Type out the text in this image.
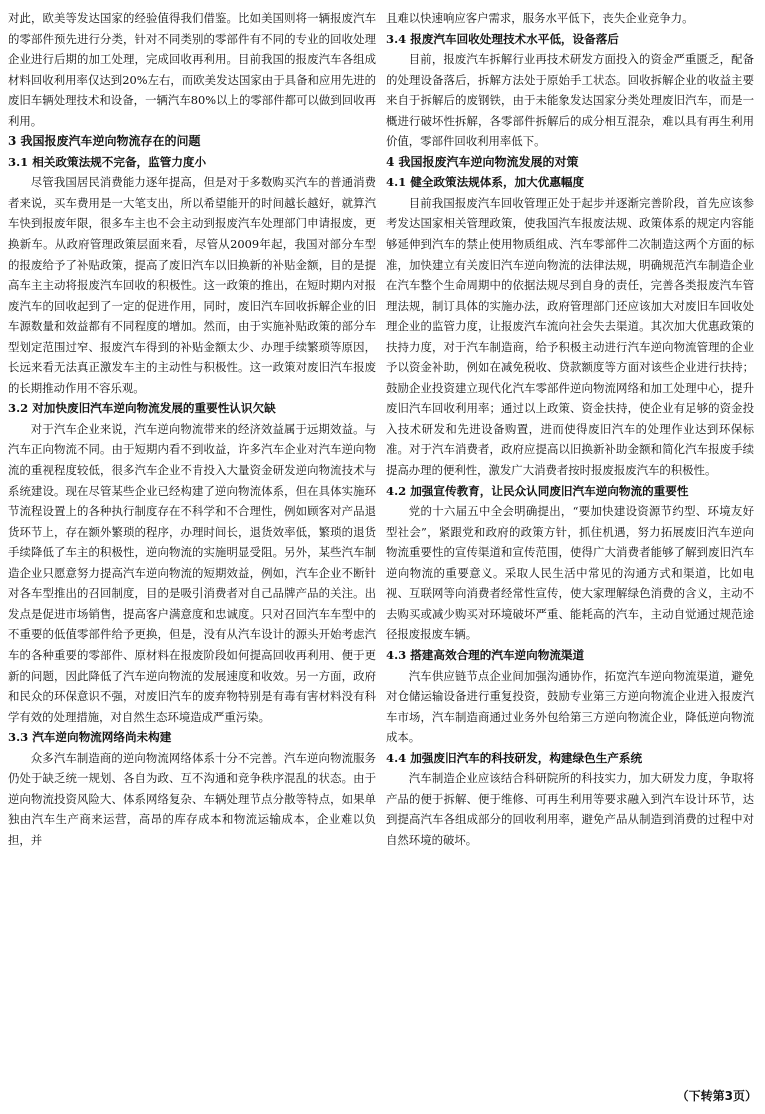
对此，欧美等发达国家的经验值得我们借鉴。比如美国则将一辆报废汽车的零部件预先进行分类，针对不同类别的零部件有不同的专业的回收处理企业进行后期的加工处理，完成回收再利用。目前我国的报废汽车各组成材料回收利用率仅达到20%左右，而欧美发达国家由于具备和应用先进的废旧车辆处理技术和设备，一辆汽车80%以上的零部件都可以做到回收再利用。

3 我国报废汽车逆向物流存在的问题
3.1 相关政策法规不完备，监管力度小

尽管我国居民消费能力逐年提高，但是对于多数购买汽车的普通消费者来说，买车费用是一大笔支出，所以希望能开的时间越长越好，就算汽车快到报废年限，很多车主也不会主动到报废汽车处理部门申请报废，更换新车。从政府管理政策层面来看，尽管从2009年起，我国对部分车型的报废给予了补贴政策，提高了废旧汽车以旧换新的补贴金额，目的是提高车主主动将报废汽车回收的积极性。这一政策的推出，在短时期内对报废汽车的回收起到了一定的促进作用，同时，废旧汽车回收拆解企业的旧车源数量和效益都有不同程度的增加。然而，由于实施补贴政策的部分车型划定范围过窄、报废汽车得到的补贴金额太少、办理手续繁琐等原因，长远来看无法真正激发车主的主动性与积极性。这一政策对废旧汽车报废的长期推动作用不容乐观。

3.2 对加快废旧汽车逆向物流发展的重要性认识欠缺

对于汽车企业来说，汽车逆向物流带来的经济效益属于远期效益。与汽车正向物流不同。由于短期内看不到收益，许多汽车企业对汽车逆向物流的重视程度较低，很多汽车企业不肯投入大量资金研发逆向物流技术与系统建设。现在尽管某些企业已经构建了逆向物流体系，但在具体实施环节流程设置上的各种执行制度存在不科学和不合理性，例如顾客对产品退货环节上，存在额外繁琐的程序，办理时间长，退货效率低，繁琐的退货手续降低了车主的积极性，逆向物流的实施明显受阻。另外，某些汽车制造企业只愿意努力提高汽车逆向物流的短期效益，例如，汽车企业不断针对各车型推出的召回制度，目的是吸引消费者对自己品牌产品的关注。出发点是促进市场销售，提高客户满意度和忠诚度。只对召回汽车车型中的不重要的低值零部件给予更换，但是，没有从汽车设计的源头开始考虑汽车的各种重要的零部件、原材料在报废阶段如何提高回收再利用、便于更新的问题，因此降低了汽车逆向物流的发展速度和收效。另一方面，政府和民众的环保意识不强，对废旧汽车的废弃物特别是有毒有害材料没有科学有效的处理措施，对自然生态环境造成严重污染。

3.3 汽车逆向物流网络尚未构建

众多汽车制造商的逆向物流网络体系十分不完善。汽车逆向物流服务仍处于缺乏统一规划、各自为政、互不沟通和竞争秩序混乱的状态。由于逆向物流投资风险大、体系网络复杂、车辆处理节点分散等特点，如果单独由汽车生产商来运营，高昂的库存成本和物流运输成本，企业难以负担，并

且难以快速响应客户需求，服务水平低下，丧失企业竞争力。

3.4 报废汽车回收处理技术水平低，设备落后

目前，报废汽车拆解行业再技术研发方面投入的资金严重匮乏，配备的处理设备落后，拆解方法处于原始手工状态。回收拆解企业的收益主要来自于拆解后的废钢铁，由于未能象发达国家分类处理废旧汽车，而是一概进行破坏性拆解，各零部件拆解后的成分相互混杂，难以具有再生利用价值，零部件回收利用率低下。

4 我国报废汽车逆向物流发展的对策
4.1 健全政策法规体系，加大优惠幅度

目前我国报废汽车回收管理正处于起步并逐渐完善阶段，首先应该参考发达国家相关管理政策，使我国汽车报废法规、政策体系的规定内容能够延伸到汽车的禁止使用物质组成、汽车零部件二次制造这两个方面的标准，加快建立有关废旧汽车逆向物流的法律法规，明确规范汽车制造企业在汽车整个生命周期中的依据法规尽到自身的责任，完善各类报废汽车管理法规，制订具体的实施办法，政府管理部门还应该加大对废旧车回收处理企业的监管力度，让报废汽车流向社会失去渠道。其次加大优惠政策的扶持力度，对于汽车制造商，给予积极主动进行汽车逆向物流管理的企业予以资金补助，例如在减免税收、贷款额度等方面对该些企业进行扶持；鼓励企业投资建立现代化汽车零部件逆向物流网络和加工处理中心，提升废旧汽车回收利用率；通过以上政策、资金扶持，使企业有足够的资金投入技术研发和先进设备购置，进而使得废旧汽车的处理作业达到环保标准。对于汽车消费者，政府应提高以旧换新补助金额和简化汽车报废手续提高办理的便利性，激发广大消费者按时报废报废汽车的积极性。

4.2 加强宣传教育，让民众认同废旧汽车逆向物流的重要性

党的十六届五中全会明确提出，“要加快建设资源节约型、环境友好型社会”，紧跟党和政府的政策方针，抓住机遇，努力拓展废旧汽车逆向物流重要性的宣传渠道和宣传范围，使得广大消费者能够了解到废旧汽车逆向物流的重要意义。采取人民生活中常见的沟通方式和渠道，比如电视、互联网等向消费者经常性宣传，使大家理解绿色消费的含义，主动不去购买或减少购买对环境破坏严重、能耗高的汽车，主动自觉通过规范途径报废报废车辆。

4.3 搭建高效合理的汽车逆向物流渠道

汽车供应链节点企业间加强沟通协作，拓宽汽车逆向物流渠道，避免对仓储运输设备进行重复投资，鼓励专业第三方逆向物流企业进入报废汽车市场，汽车制造商通过业务外包给第三方逆向物流企业，降低逆向物流成本。

4.4 加强废旧汽车的科技研发，构建绿色生产系统

汽车制造企业应该结合科研院所的科技实力，加大研发力度，争取将产品的便于拆解、便于维修、可再生利用等要求融入到汽车设计环节，达到提高汽车各组成部分的回收利用率，避免产品从制造到消费的过程中对自然环境的破坏。

（下转第3页）
